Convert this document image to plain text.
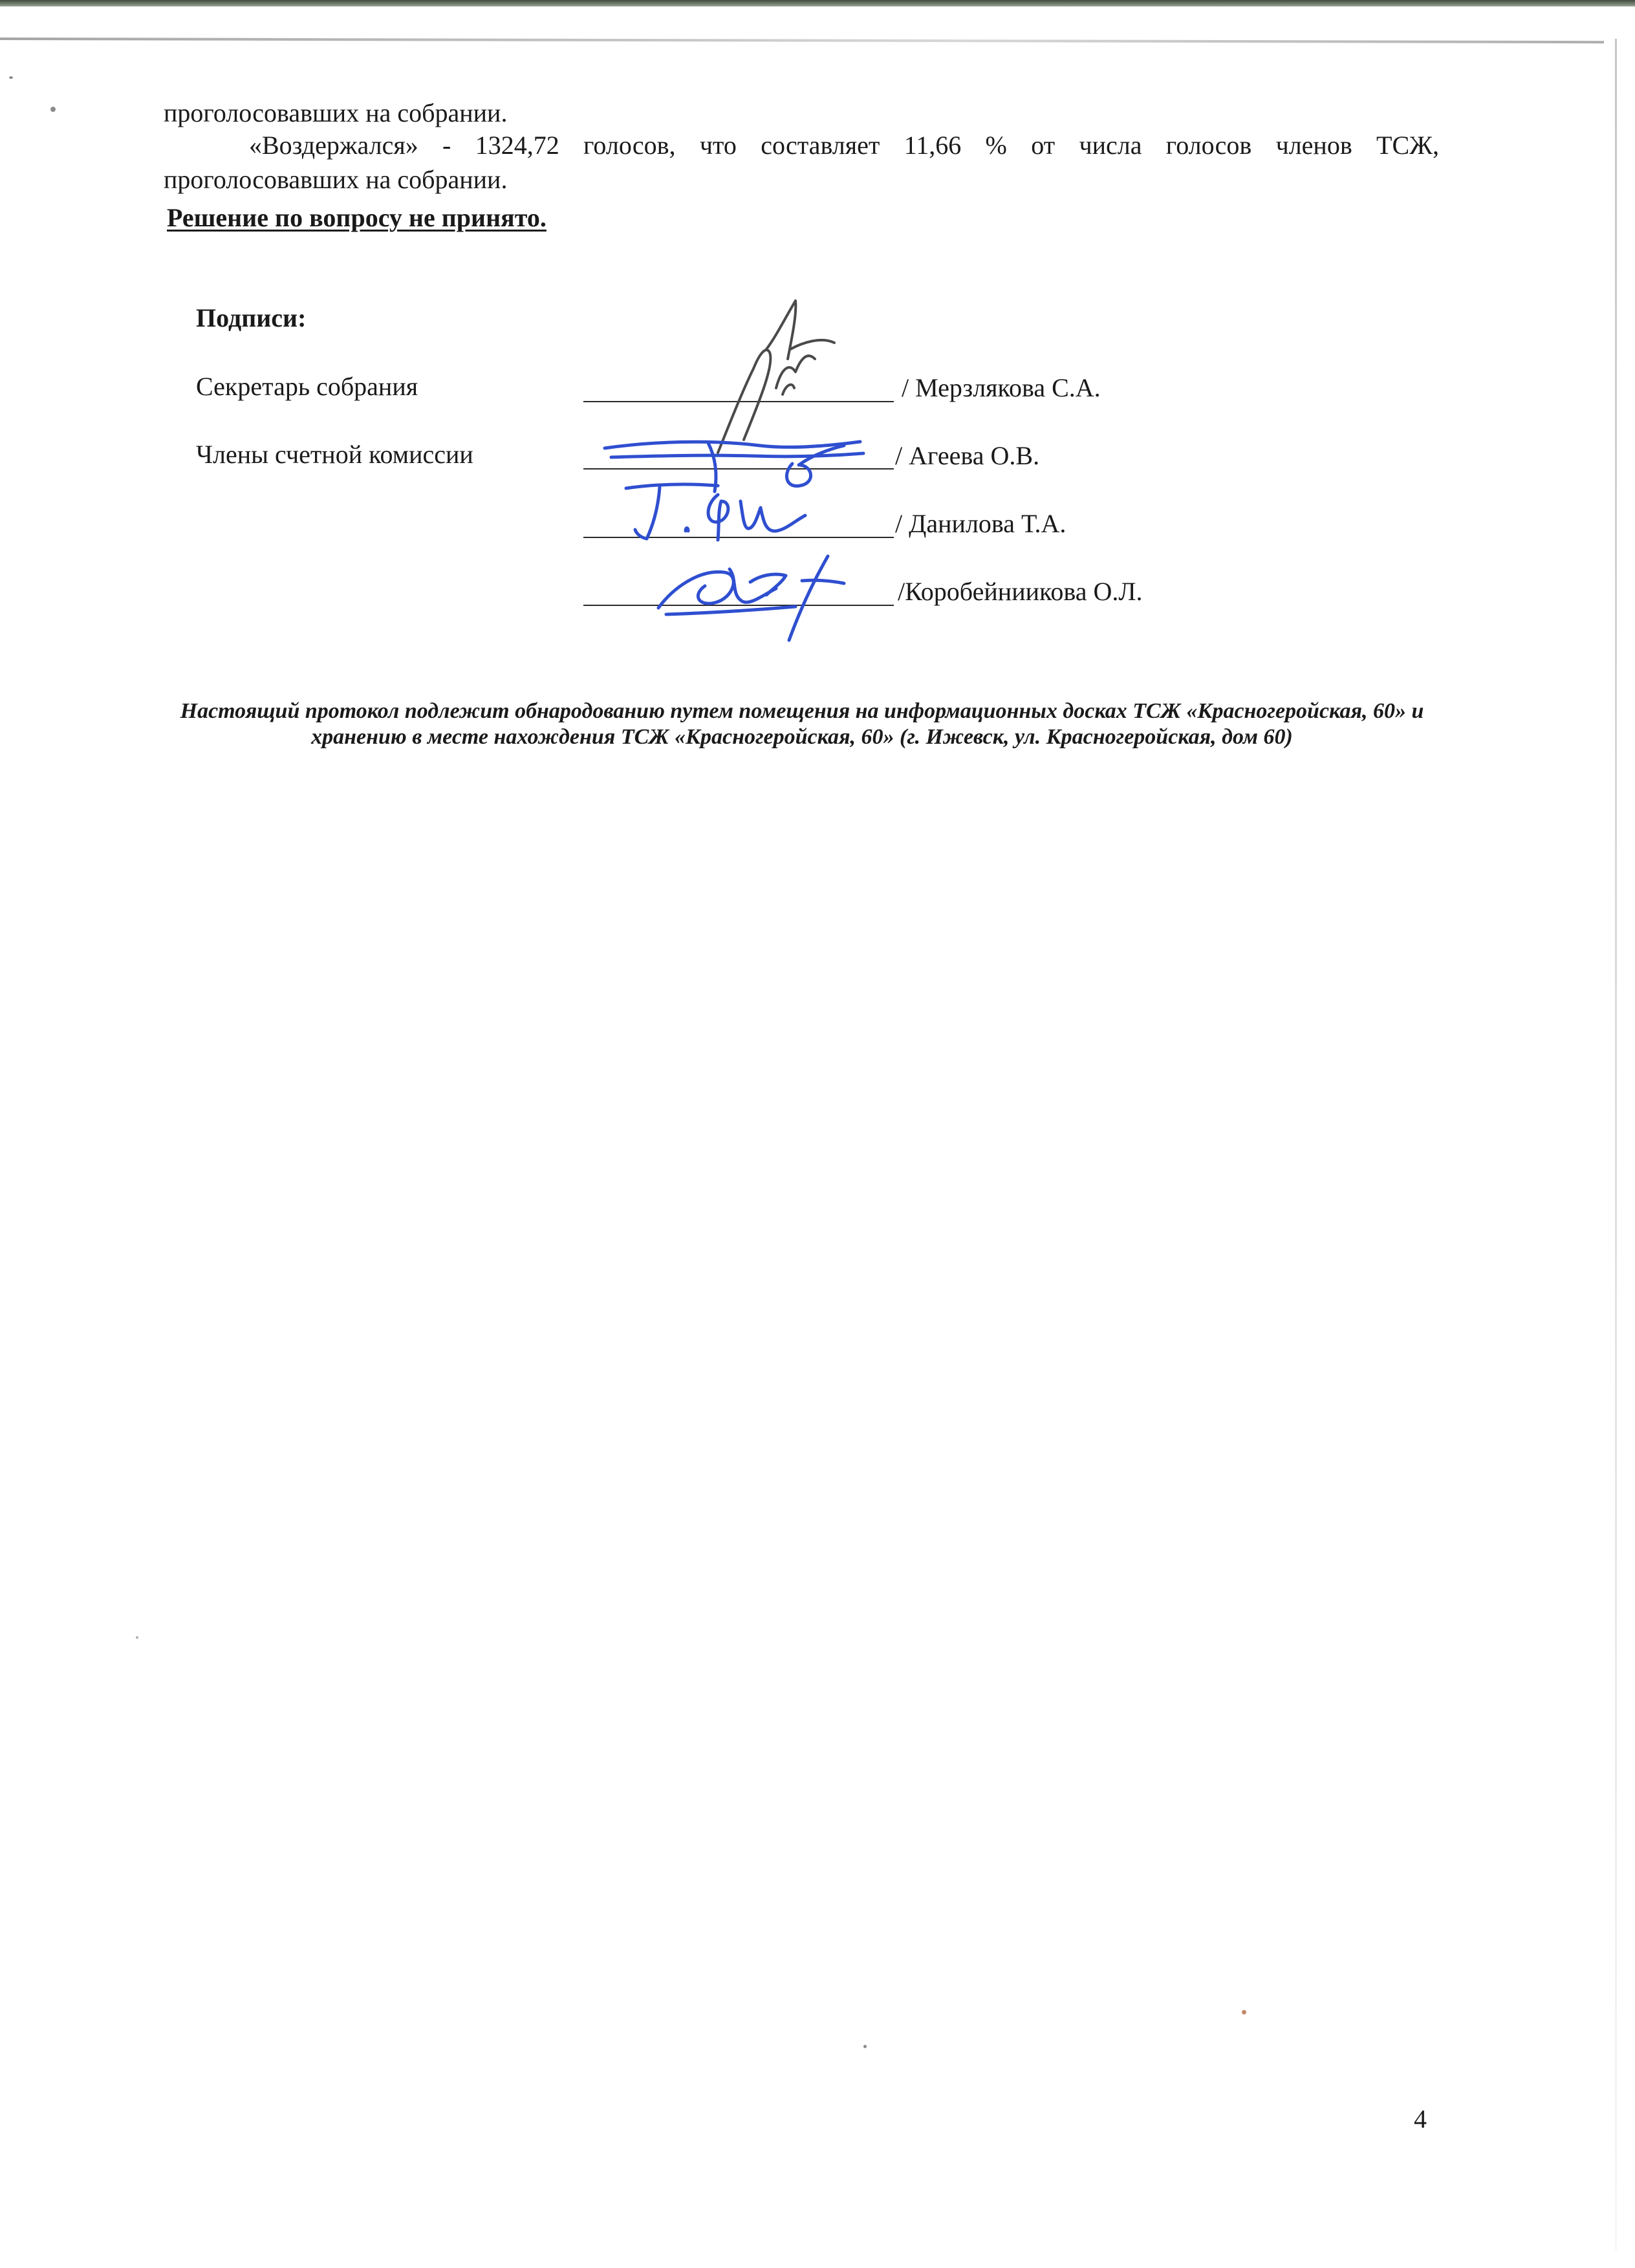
проголосовавших на собрании.
«Воздержался» - 1324,72 голосов, что составляет 11,66 % от числа голосов членов ТСЖ,
проголосовавших на собрании.
Решение по вопросу не принято.
Подписи:
Секретарь собрания	/ Мерзлякова С.А.
Члены счетной комиссии	/ Агеева О.В.
/ Данилова Т.А.
/Коробейниикова О.Л.
Настоящий протокол подлежит обнародованию путем помещения на информационных досках ТСЖ «Красногеройская, 60» и хранению в месте нахождения ТСЖ «Красногеройская, 60» (г. Ижевск, ул. Красногеройская, дом 60)
4
